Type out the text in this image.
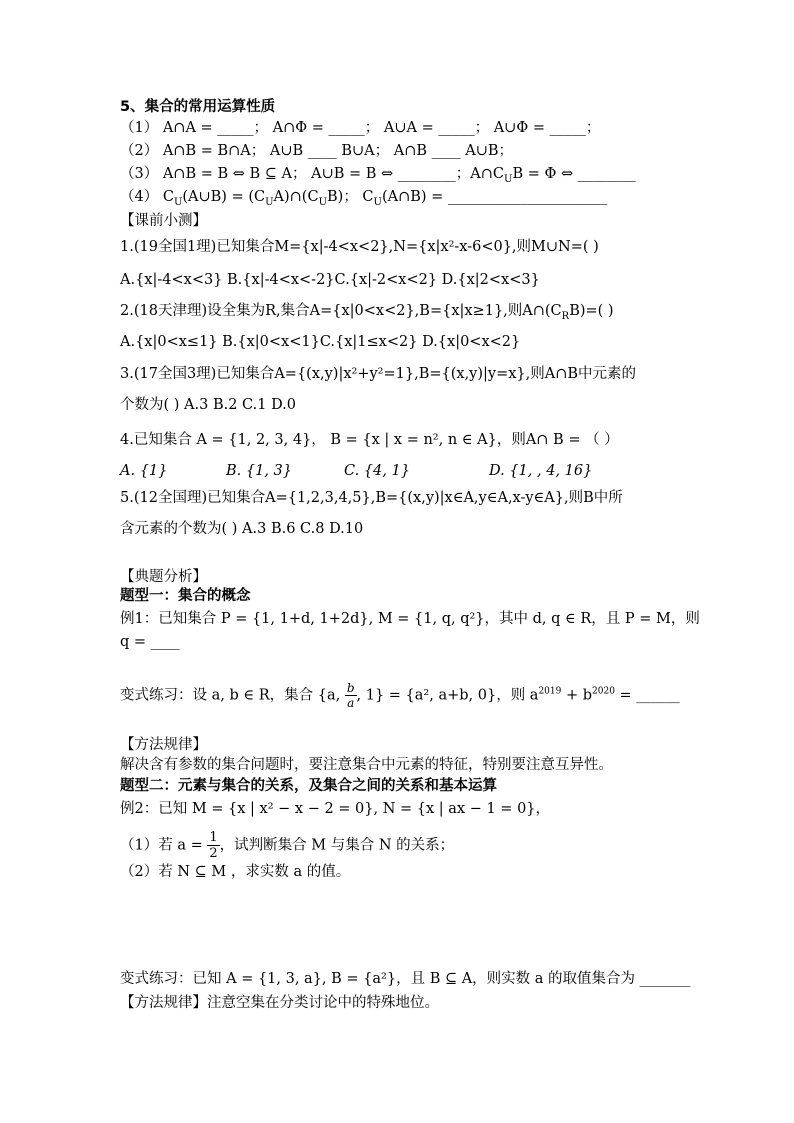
5、集合的常用运算性质
（1） A∩A = _____； A∩Φ = _____； A∪A = _____； A∪Φ = _____；
（2） A∩B = B∩A； A∪B ____ B∪A； A∩B ____ A∪B；
（3） A∩B = B ⇔ B ⊆ A； A∪B = B ⇔ ________；$A\cap C_UB = \Phi$ ⇔ ________
（4） $C_U(A\cup B)$ = $(C_UA)\cap(C_UB)$； $C_U(A\cap B)$ = ______________________
【课前小测】
1.(19全国1理)已知集合M={x|-4<x<2},N={x|x²-x-6<0},则M∪N=( )
A.{x|-4<x<3} B.{x|-4<x<-2}C.{x|-2<x<2} D.{x|2<x<3}
2.(18天津理)设全集为R,集合A={x|0<x<2},B={x|x≥1},则$A\cap(C_RB)=$( )
A.{x|0<x≤1} B.{x|0<x<1}C.{x|1≤x<2} D.{x|0<x<2}
3.(17全国3理)已知集合A={(x,y)|x²+y²=1},B={(x,y)|y=x},则A∩B中元素的
个数为( ) A.3 B.2 C.1 D.0
4.已知集合 A = {1, 2, 3, 4}， B = {x | x = n², n ∈ A}，则A∩ B = （ ）
A. {1}	B. {1, 3}	C. {4, 1}	D. {1, , 4, 16}
5.(12全国理)已知集合A={1,2,3,4,5},B={(x,y)|x∈A,y∈A,x-y∈A},则B中所
含元素的个数为( ) A.3 B.6 C.8 D.10
【典题分析】
题型一：集合的概念
例1：已知集合 P = {1, 1+d, 1+2d}, M = {1, q, q²}，其中 d, q ∈ R，且 P = M，则
q = ____
变式练习：设 a, b ∈ R，集合 {a, $\frac{b}{a}$ , 1} = {a², a+b, 0}，则 $a^{2019} + b^{2020}$ = ______
【方法规律】
解决含有参数的集合问题时，要注意集合中元素的特征，特别要注意互异性。
题型二：元素与集合的关系，及集合之间的关系和基本运算
例2：已知 M = {x | x² − x − 2 = 0}, N = {x | ax − 1 = 0}，
（1）若 $a = \frac{1}{2}$ ，试判断集合 M 与集合 N 的关系；
（2）若 N ⊆ M ，求实数 a 的值。
变式练习：已知 A = {1, 3, a}, B = {a²}，且 B ⊆ A，则实数 a 的取值集合为 _______
【方法规律】注意空集在分类讨论中的特殊地位。
